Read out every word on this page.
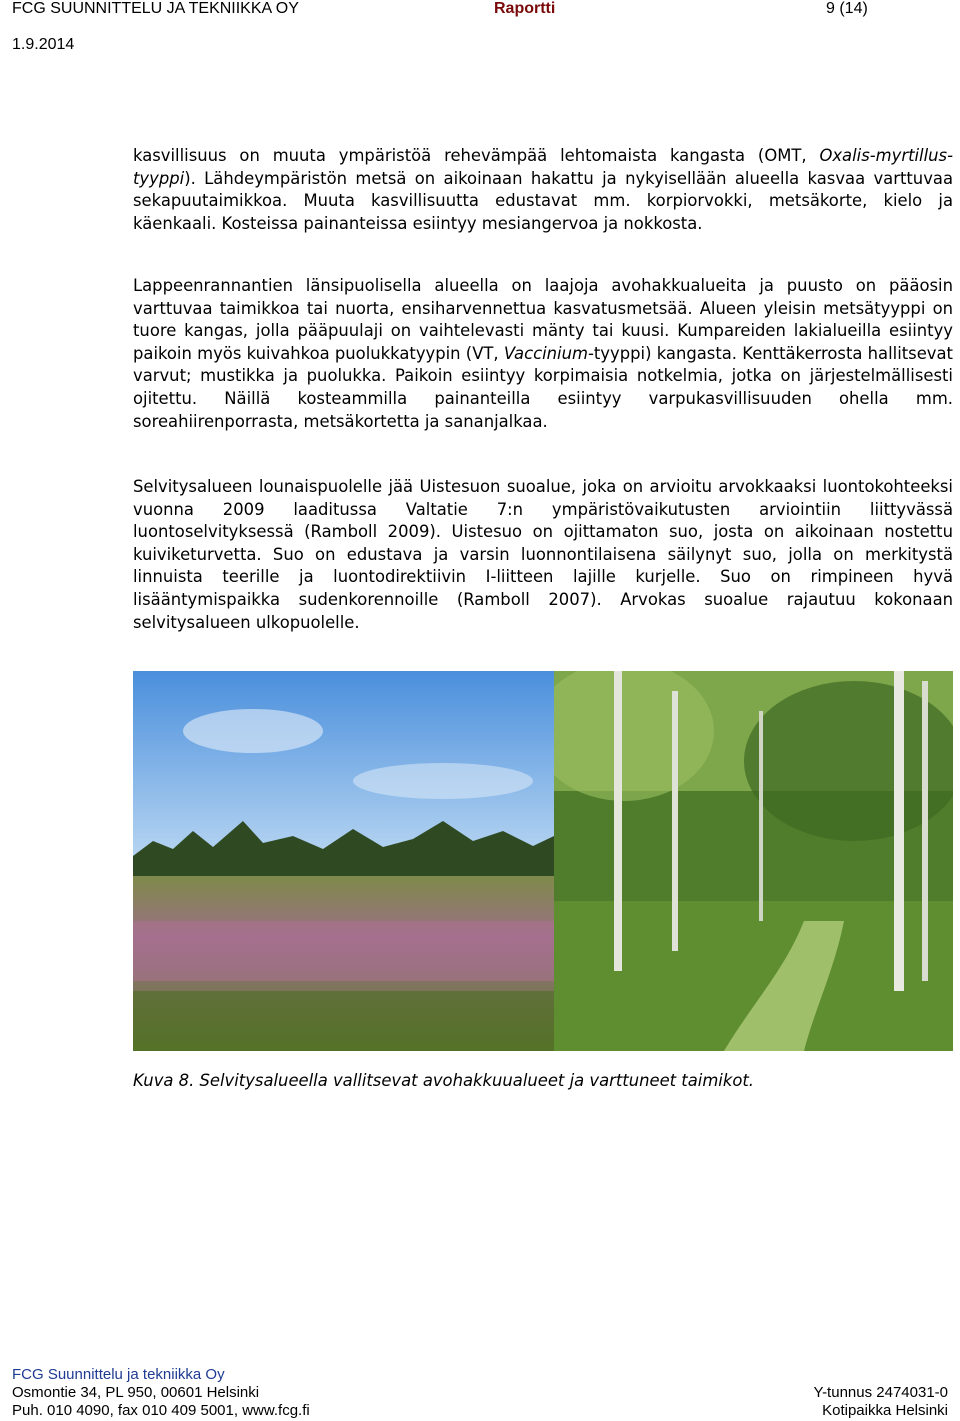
FCG SUUNNITTELU JA TEKNIIKKA OY	Raportti	9 (14)
1.9.2014

kasvillisuus on muuta ympäristöä rehevämpää lehtomaista kangasta (OMT, Oxalis-myrtillus-tyyppi). Lähdeympäristön metsä on aikoinaan hakattu ja nykyisellään alueella kasvaa varttuvaa sekapuutaimikkoa. Muuta kasvillisuutta edustavat mm. korpiorvokki, metsäkorte, kielo ja käenkaali. Kosteissa painanteissa esiintyy mesiangervoa ja nokkosta.

Lappeenrannantien länsipuolisella alueella on laajoja avohakkualueita ja puusto on pääosin varttuvaa taimikkoa tai nuorta, ensiharvennettua kasvatusmetsää. Alueen yleisin metsätyyppi on tuore kangas, jolla pääpuulaji on vaihtelevasti mänty tai kuusi. Kumpareiden lakialueilla esiintyy paikoin myös kuivahkoa puolukkatyypin (VT, Vaccinium-tyyppi) kangasta. Kenttäkerrosta hallitsevat varvut; mustikka ja puolukka. Paikoin esiintyy korpimaisia notkelmia, jotka on järjestelmällisesti ojitettu. Näillä kosteammilla painanteilla esiintyy varpukasvillisuuden ohella mm. soreahiirenporrasta, metsäkortetta ja sananjalkaa.

Selvitysalueen lounaispuolelle jää Uistesuon suoalue, joka on arvioitu arvokkaaksi luontokohteeksi vuonna 2009 laaditussa Valtatie 7:n ympäristövaikutusten arviointiin liittyvässä luontoselvityksessä (Ramboll 2009). Uistesuo on ojittamaton suo, josta on aikoinaan nostettu kuiviketurvetta. Suo on edustava ja varsin luonnontilaisena säilynyt suo, jolla on merkitystä linnuista teerille ja luontodirektiivin I-liitteen lajille kurjelle. Suo on rimpineen hyvä lisääntymispaikka sudenkorennoille (Ramboll 2007). Arvokas suoalue rajautuu kokonaan selvitysalueen ulkopuolelle.

Kuva 8. Selvitysalueella vallitsevat avohakkuualueet ja varttuneet taimikot.
FCG Suunnittelu ja tekniikka Oy
Osmontie 34, PL 950, 00601 Helsinki
Puh. 010 4090, fax 010 409 5001, www.fcg.fi
Y-tunnus 2474031-0
Kotipaikka Helsinki
